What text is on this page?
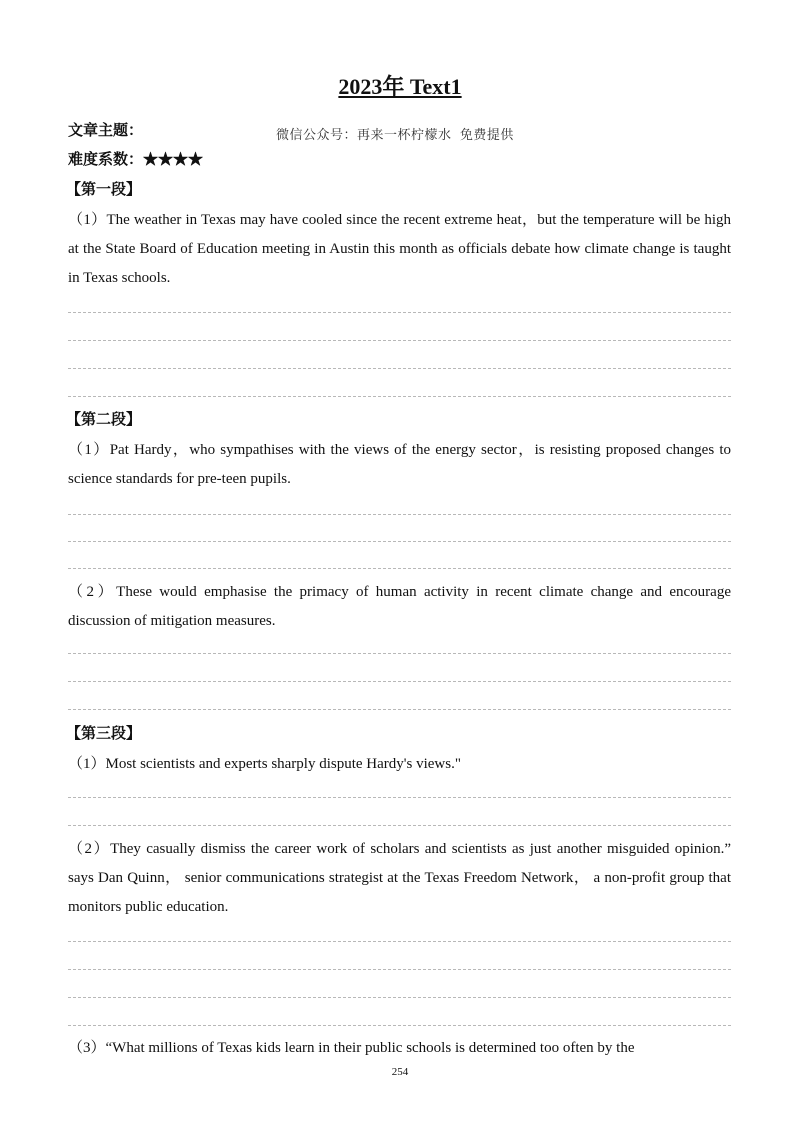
2023年 Text1
文章主题：	微信公众号：再来一杯柠檬水 免费提供
难度系数：★★★★
【第一段】
（1）The weather in Texas may have cooled since the recent extreme heat，but the temperature will be high at the State Board of Education meeting in Austin this month as officials debate how climate change is taught in Texas schools.
【第二段】
（1）Pat Hardy，who sympathises with the views of the energy sector，is resisting proposed changes to science standards for pre-teen pupils.
（2）These would emphasise the primacy of human activity in recent climate change and encourage discussion of mitigation measures.
【第三段】
（1）Most scientists and experts sharply dispute Hardy's views."
（2）They casually dismiss the career work of scholars and scientists as just another misguided opinion.” says Dan Quinn， senior communications strategist at the Texas Freedom Network， a non-profit group that monitors public education.
（3）“What millions of Texas kids learn in their public schools is determined too often by the
254
